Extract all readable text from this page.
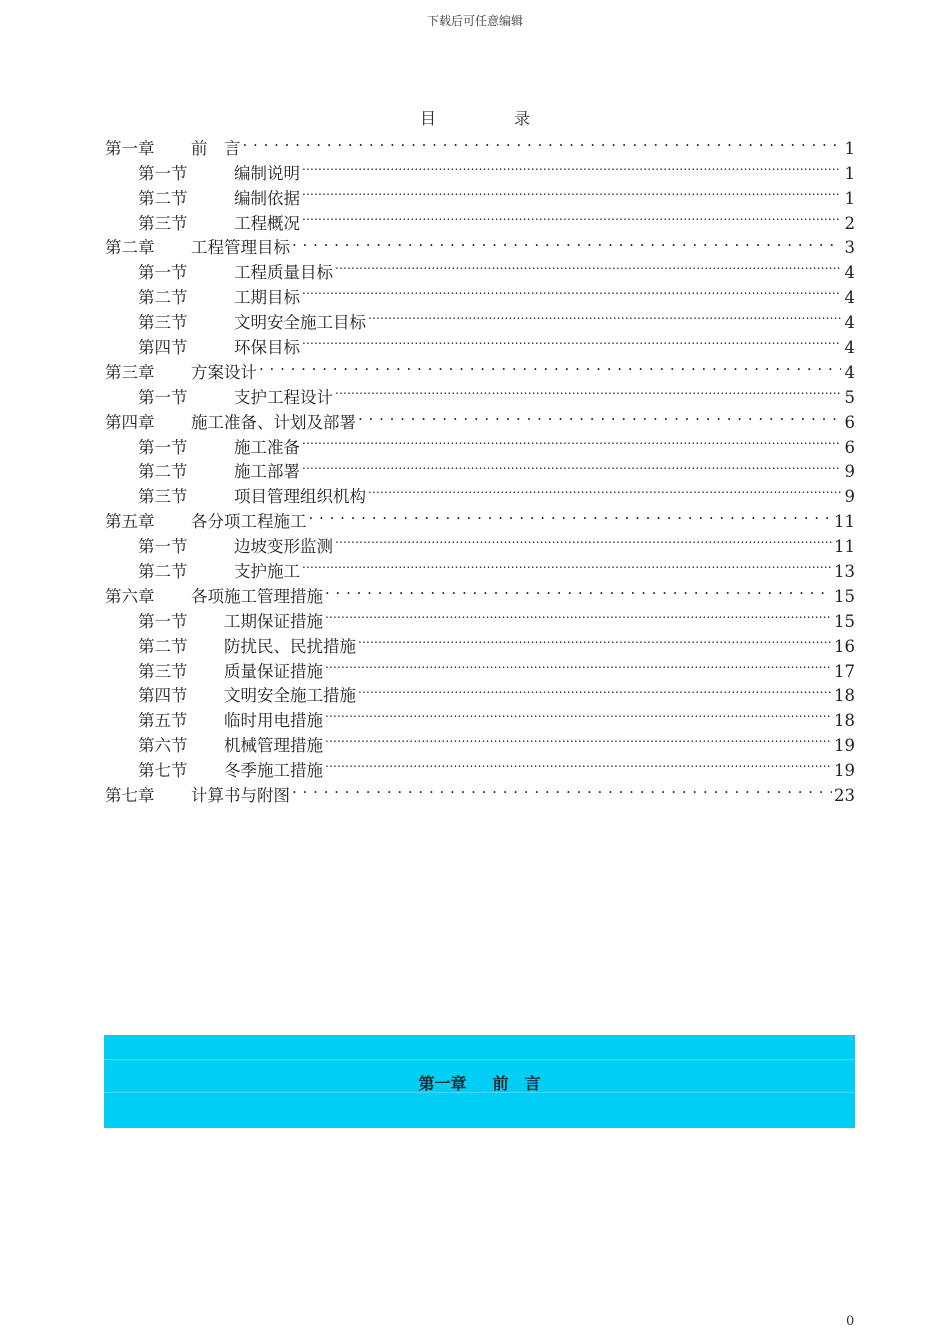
下载后可任意编辑
目	录
第一章	前　言 . . .	1
第一节	编制说明 .....	1
第二节	编制依据 .....	1
第三节	工程概况 .....	2
第二章	工程管理目标 . . .	3
第一节	工程质量目标 .....	4
第二节	工期目标 .....	4
第三节	文明安全施工目标 .....	4
第四节	环保目标 .....	4
第三章	方案设计 . . .	4
第一节	支护工程设计 .....	5
第四章	施工准备、计划及部署 . . .	6
第一节	施工准备 .....	6
第二节	施工部署 .....	9
第三节	项目管理组织机构 .....	9
第五章	各分项工程施工 . . .	11
第一节	边坡变形监测 .....	11
第二节	支护施工 .....	13
第六章	各项施工管理措施 . . .	15
第一节	工期保证措施 .....	15
第二节	防扰民、民扰措施 .....	16
第三节	质量保证措施 .....	17
第四节	文明安全施工措施 .....	18
第五节	临时用电措施 .....	18
第六节	机械管理措施 .....	19
第七节	冬季施工措施 .....	19
第七章	计算书与附图 . . .	23
第一章 前　言
0
